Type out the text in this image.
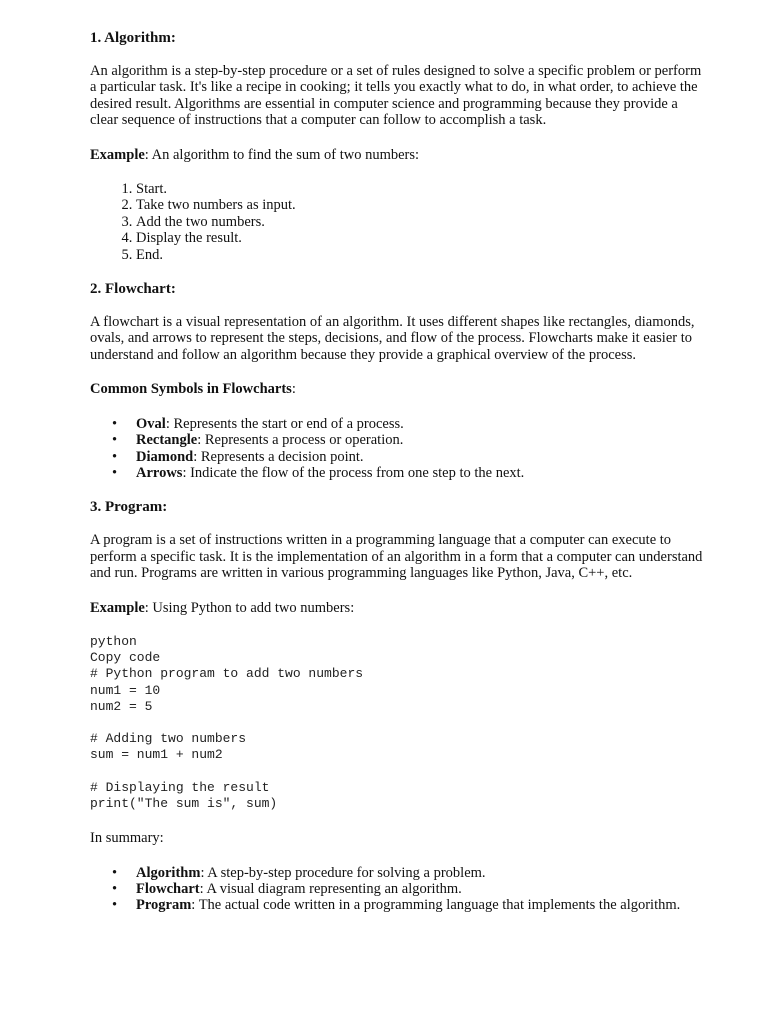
1. Algorithm:

An algorithm is a step-by-step procedure or a set of rules designed to solve a specific problem or perform a particular task. It's like a recipe in cooking; it tells you exactly what to do, in what order, to achieve the desired result. Algorithms are essential in computer science and programming because they provide a clear sequence of instructions that a computer can follow to accomplish a task.

Example: An algorithm to find the sum of two numbers:

1. Start.
2. Take two numbers as input.
3. Add the two numbers.
4. Display the result.
5. End.
2. Flowchart:

A flowchart is a visual representation of an algorithm. It uses different shapes like rectangles, diamonds, ovals, and arrows to represent the steps, decisions, and flow of the process. Flowcharts make it easier to understand and follow an algorithm because they provide a graphical overview of the process.

Common Symbols in Flowcharts:

• Oval: Represents the start or end of a process.
• Rectangle: Represents a process or operation.
• Diamond: Represents a decision point.
• Arrows: Indicate the flow of the process from one step to the next.
3. Program:

A program is a set of instructions written in a programming language that a computer can execute to perform a specific task. It is the implementation of an algorithm in a form that a computer can understand and run. Programs are written in various programming languages like Python, Java, C++, etc.

Example: Using Python to add two numbers:

python
Copy code
# Python program to add two numbers
num1 = 10
num2 = 5

# Adding two numbers
sum = num1 + num2

# Displaying the result
print("The sum is", sum)

In summary:

• Algorithm: A step-by-step procedure for solving a problem.
• Flowchart: A visual diagram representing an algorithm.
• Program: The actual code written in a programming language that implements the algorithm.
